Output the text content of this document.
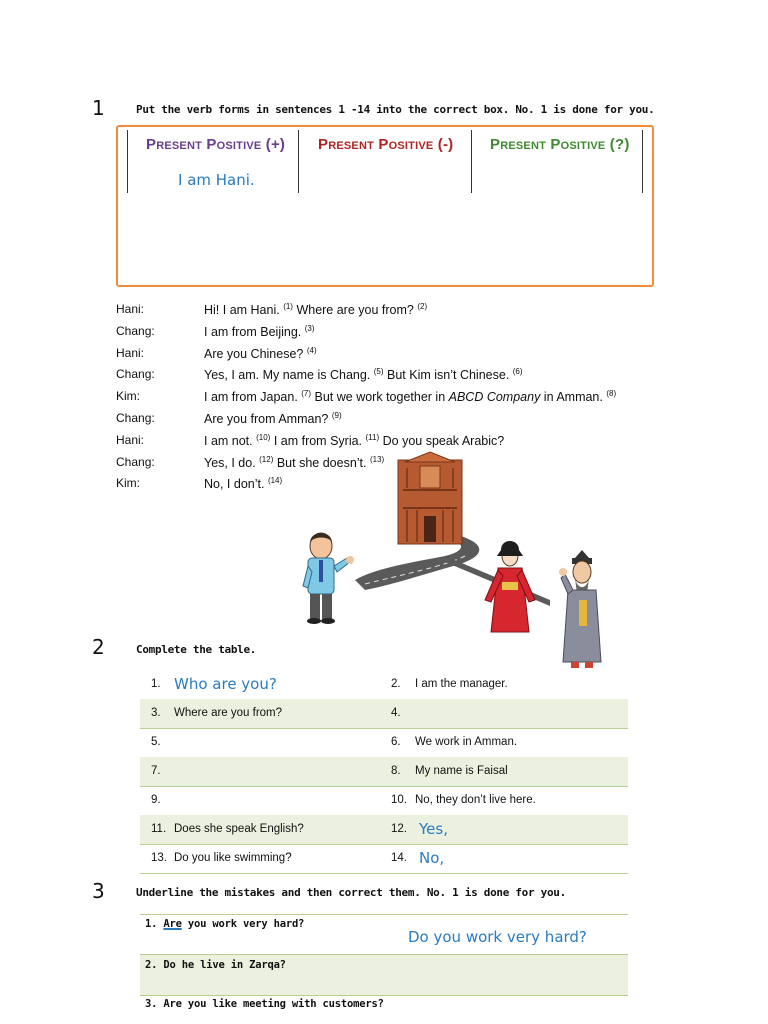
1	Put the verb forms in sentences 1 -14 into the correct box. No. 1 is done for you.
Present Positive (+) Present Positive (-) Present Positive (?)
I am Hani.
Hani:	Hi! I am Hani. $^{(1)}$ Where are you from? $^{(2)}$
Chang:	I am from Beijing. $^{(3)}$
Hani:	Are you Chinese? $^{(4)}$
Chang:	Yes, I am. My name is Chang. $^{(5)}$ But Kim isn’t Chinese. $^{(6)}$
Kim:	I am from Japan. $^{(7)}$ But we work together in ABCD Company in Amman. $^{(8)}$
Chang:	Are you from Amman? $^{(9)}$
Hani:	I am not. $^{(10)}$ I am from Syria. $^{(11)}$ Do you speak Arabic?
Chang:	Yes, I do. $^{(12)}$ But she doesn’t. $^{(13)}$
Kim:	No, I don’t. $^{(14)}$
2	Complete the table.
1. Who are you?	2. I am the manager.
3. Where are you from?	4.
5.	6. We work in Amman.
7.	8. My name is Faisal
9.	10. No, they don’t live here.
11. Does she speak English?	12. Yes,
13. Do you like swimming?	14. No,
3	Underline the mistakes and then correct them. No. 1 is done for you.
1. Are you work very hard?
Do you work very hard?
2. Do he live in Zarqa?
3. Are you like meeting with customers?
